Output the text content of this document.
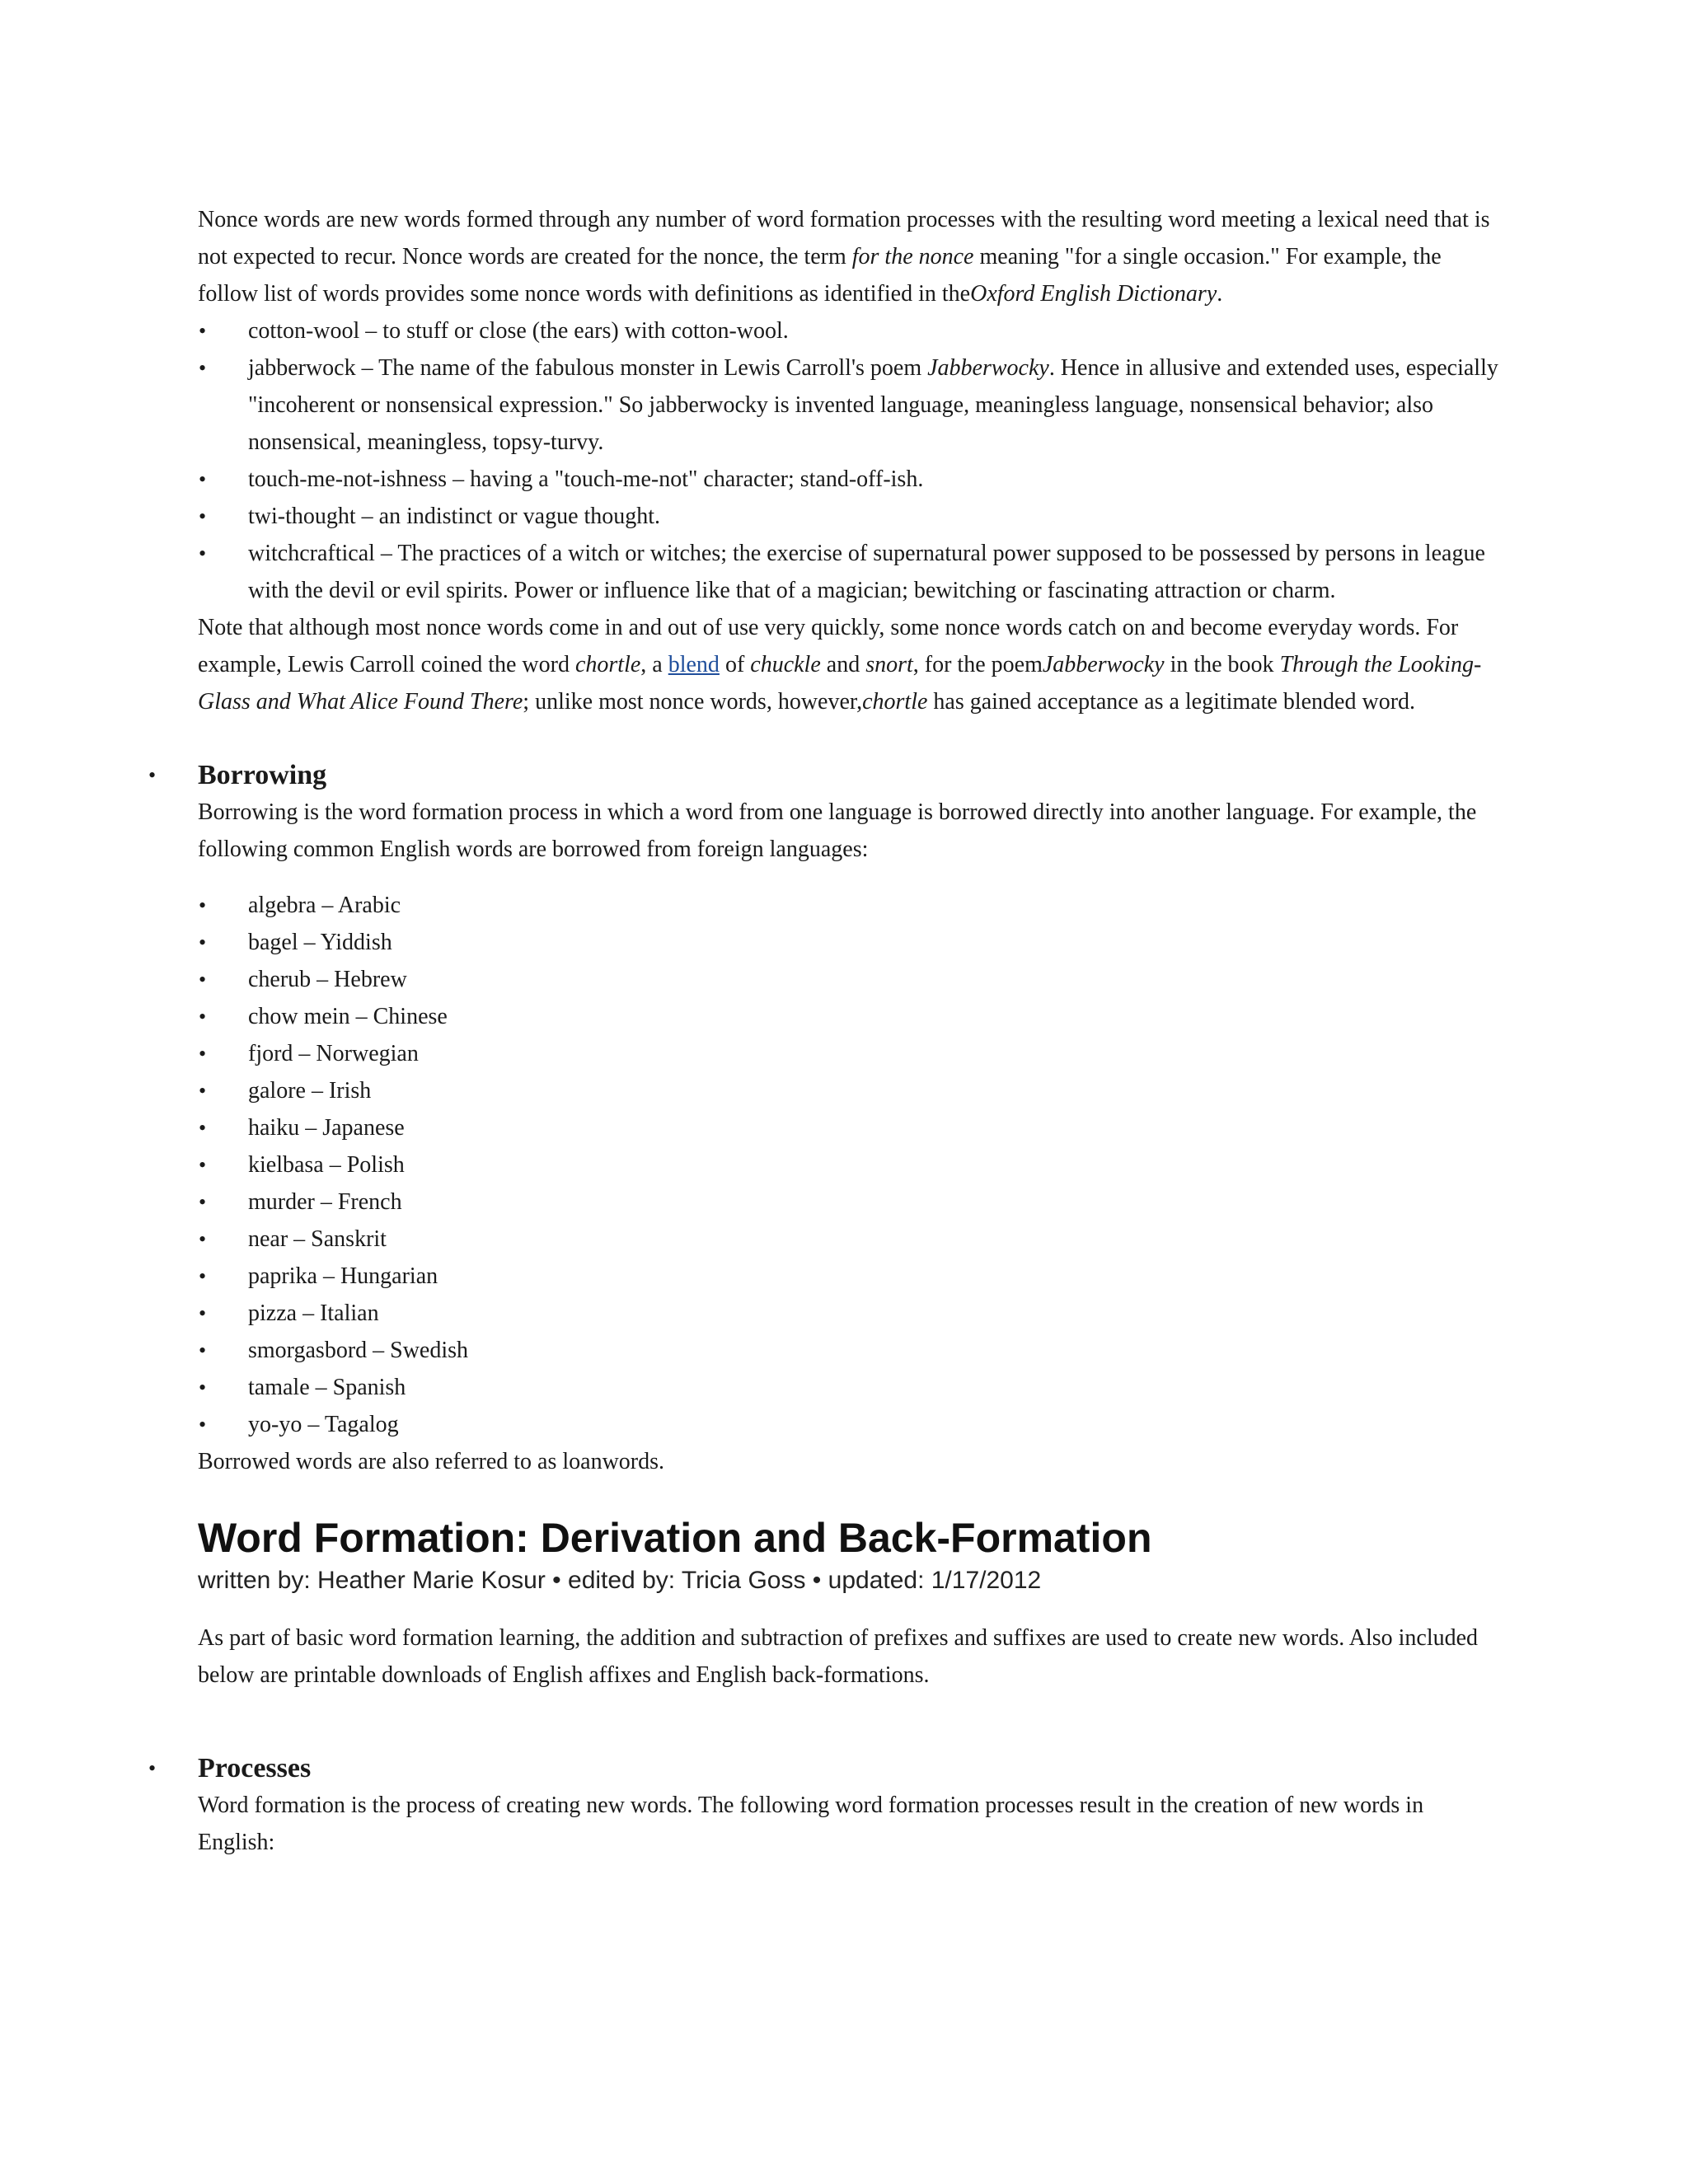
Nonce words are new words formed through any number of word formation processes with the resulting word meeting a lexical need that is not expected to recur. Nonce words are created for the nonce, the term for the nonce meaning "for a single occasion." For example, the follow list of words provides some nonce words with definitions as identified in theOxford English Dictionary.

• cotton-wool – to stuff or close (the ears) with cotton-wool.
• jabberwock – The name of the fabulous monster in Lewis Carroll's poem Jabberwocky. Hence in allusive and extended uses, especially "incoherent or nonsensical expression." So jabberwocky is invented language, meaningless language, nonsensical behavior; also nonsensical, meaningless, topsy-turvy.
• touch-me-not-ishness – having a "touch-me-not" character; stand-off-ish.
• twi-thought – an indistinct or vague thought.
• witchcraftical – The practices of a witch or witches; the exercise of supernatural power supposed to be possessed by persons in league with the devil or evil spirits. Power or influence like that of a magician; bewitching or fascinating attraction or charm.

Note that although most nonce words come in and out of use very quickly, some nonce words catch on and become everyday words. For example, Lewis Carroll coined the word chortle, a blend of chuckle and snort, for the poemJabberwocky in the book Through the Looking-Glass and What Alice Found There; unlike most nonce words, however,chortle has gained acceptance as a legitimate blended word.

• Borrowing

Borrowing is the word formation process in which a word from one language is borrowed directly into another language. For example, the following common English words are borrowed from foreign languages:

• algebra – Arabic
• bagel – Yiddish
• cherub – Hebrew
• chow mein – Chinese
• fjord – Norwegian
• galore – Irish
• haiku – Japanese
• kielbasa – Polish
• murder – French
• near – Sanskrit
• paprika – Hungarian
• pizza – Italian
• smorgasbord – Swedish
• tamale – Spanish
• yo-yo – Tagalog

Borrowed words are also referred to as loanwords.

Word Formation: Derivation and Back-Formation

written by: Heather Marie Kosur • edited by: Tricia Goss • updated: 1/17/2012

As part of basic word formation learning, the addition and subtraction of prefixes and suffixes are used to create new words. Also included below are printable downloads of English affixes and English back-formations.

• Processes

Word formation is the process of creating new words. The following word formation processes result in the creation of new words in English:
